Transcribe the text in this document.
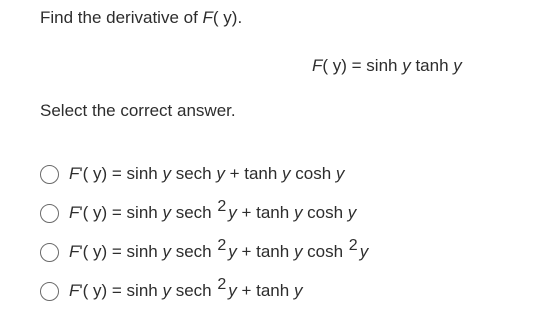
Find the derivative of F( y).
F( y) = sinh y tanh y
Select the correct answer.
F'( y) = sinh y sech y + tanh y cosh y
F'( y) = sinh y sech 2 y + tanh y cosh y
F'( y) = sinh y sech 2 y + tanh y cosh 2 y
F'( y) = sinh y sech 2 y + tanh y
